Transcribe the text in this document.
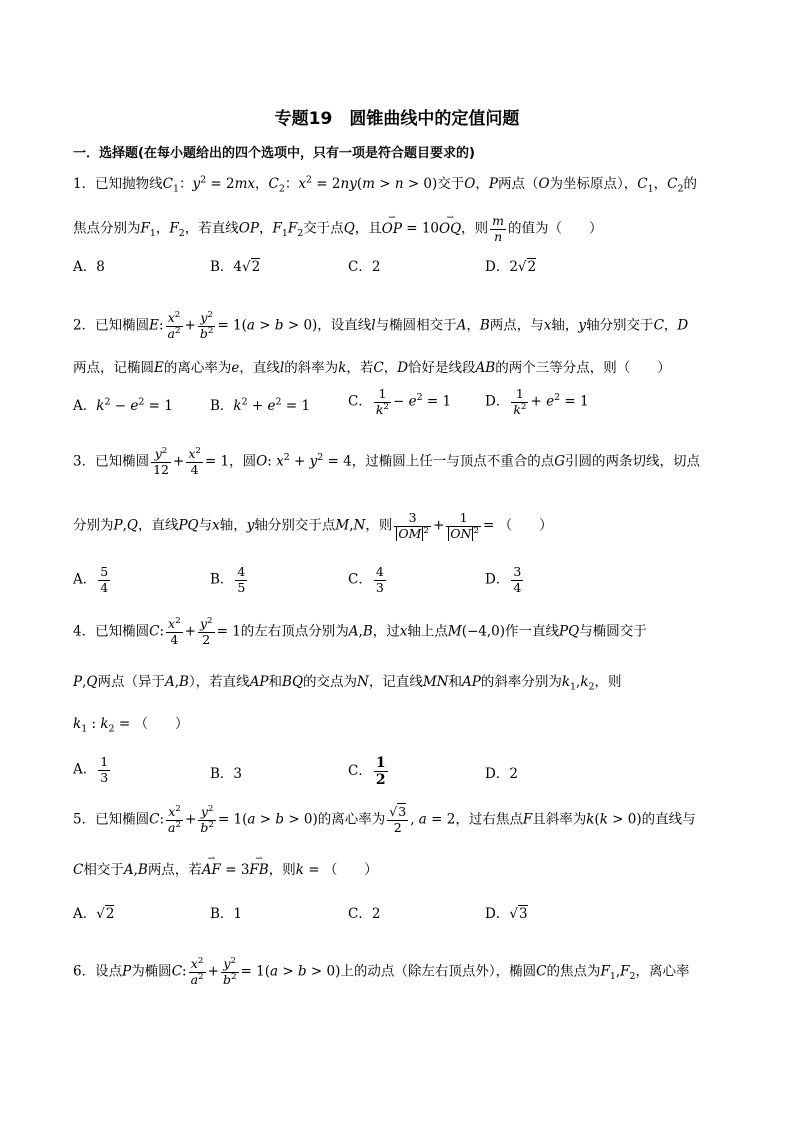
专题19　圆锥曲线中的定值问题
一．选择题(在每小题给出的四个选项中，只有一项是符合题目要求的)
1．已知抛物线$C_1$：$y^2 = 2mx$，$C_2$：$x^2 = 2ny(m > n > 0)$交于O，P两点（O为坐标原点），$C_1$，$C_2$的
焦点分别为$F_1$，$F_2$，若直线OP，$F_1F_2$交于点Q，且⇀ OP = 10⇀ OQ，则 $\frac{m}{n}$ 的值为（　　）
A．8	B．4√2	C．2	D．2√2
2．已知椭圆E: $\frac{x^2}{a^2} + \frac{y^2}{b^2} = 1(a > b > 0)$，设直线l与椭圆相交于A，B两点，与x轴，y轴分别交于C，D
两点，记椭圆E的离心率为e，直线l的斜率为k，若C，D恰好是线段AB的两个三等分点，则（　　）
A．$k^2 - e^2 = 1$	B．$k^2 + e^2 = 1$	C． $\frac{1}{k^2} - e^2 = 1$	D． $\frac{1}{k^2} + e^2 = 1$
3．已知椭圆 $\frac{y^2}{12} + \frac{x^2}{4} = 1$，圆O: $x^2 + y^2 = 4$，过椭圆上任一与顶点不重合的点G引圆的两条切线，切点
分别为P,Q，直线PQ与x轴，y轴分别交于点M,N，则 $\frac{3}{OM ^2} + \frac{1}{ON ^2}$ = （　　）
A． $\frac{5}{4}$	B． $\frac{4}{5}$	C． $\frac{4}{3}$	D． $\frac{3}{4}$
4．已知椭圆C: $\frac{x^2}{4} + \frac{y^2}{2} = 1$的左右顶点分别为A,B，过x轴上点M(−4,0)作一直线PQ与椭圆交于
P,Q两点（异于A,B），若直线AP和BQ的交点为N，记直线MN和AP的斜率分别为$k_1,k_2$，则
$k_1$ : $k_2$ = （　　）
A． $\frac{1}{3}$	B．3	C． $\frac{1}{2}$	D．2
5．已知椭圆C: $\frac{x^2}{a^2} + \frac{y^2}{b^2} = 1(a > b > 0)$的离心率为 $\frac{√3}{2}$ , a = 2，过右焦点F且斜率为k(k > 0)的直线与
C相交于A,B两点，若⇀ AF = 3⇀ FB，则k = （　　）
A．√2	B．1	C．2	D．√3
6．设点P为椭圆C: $\frac{x^2}{a^2} + \frac{y^2}{b^2} = 1(a > b > 0)$上的动点（除左右顶点外），椭圆C的焦点为$F_1,F_2$，离心率
